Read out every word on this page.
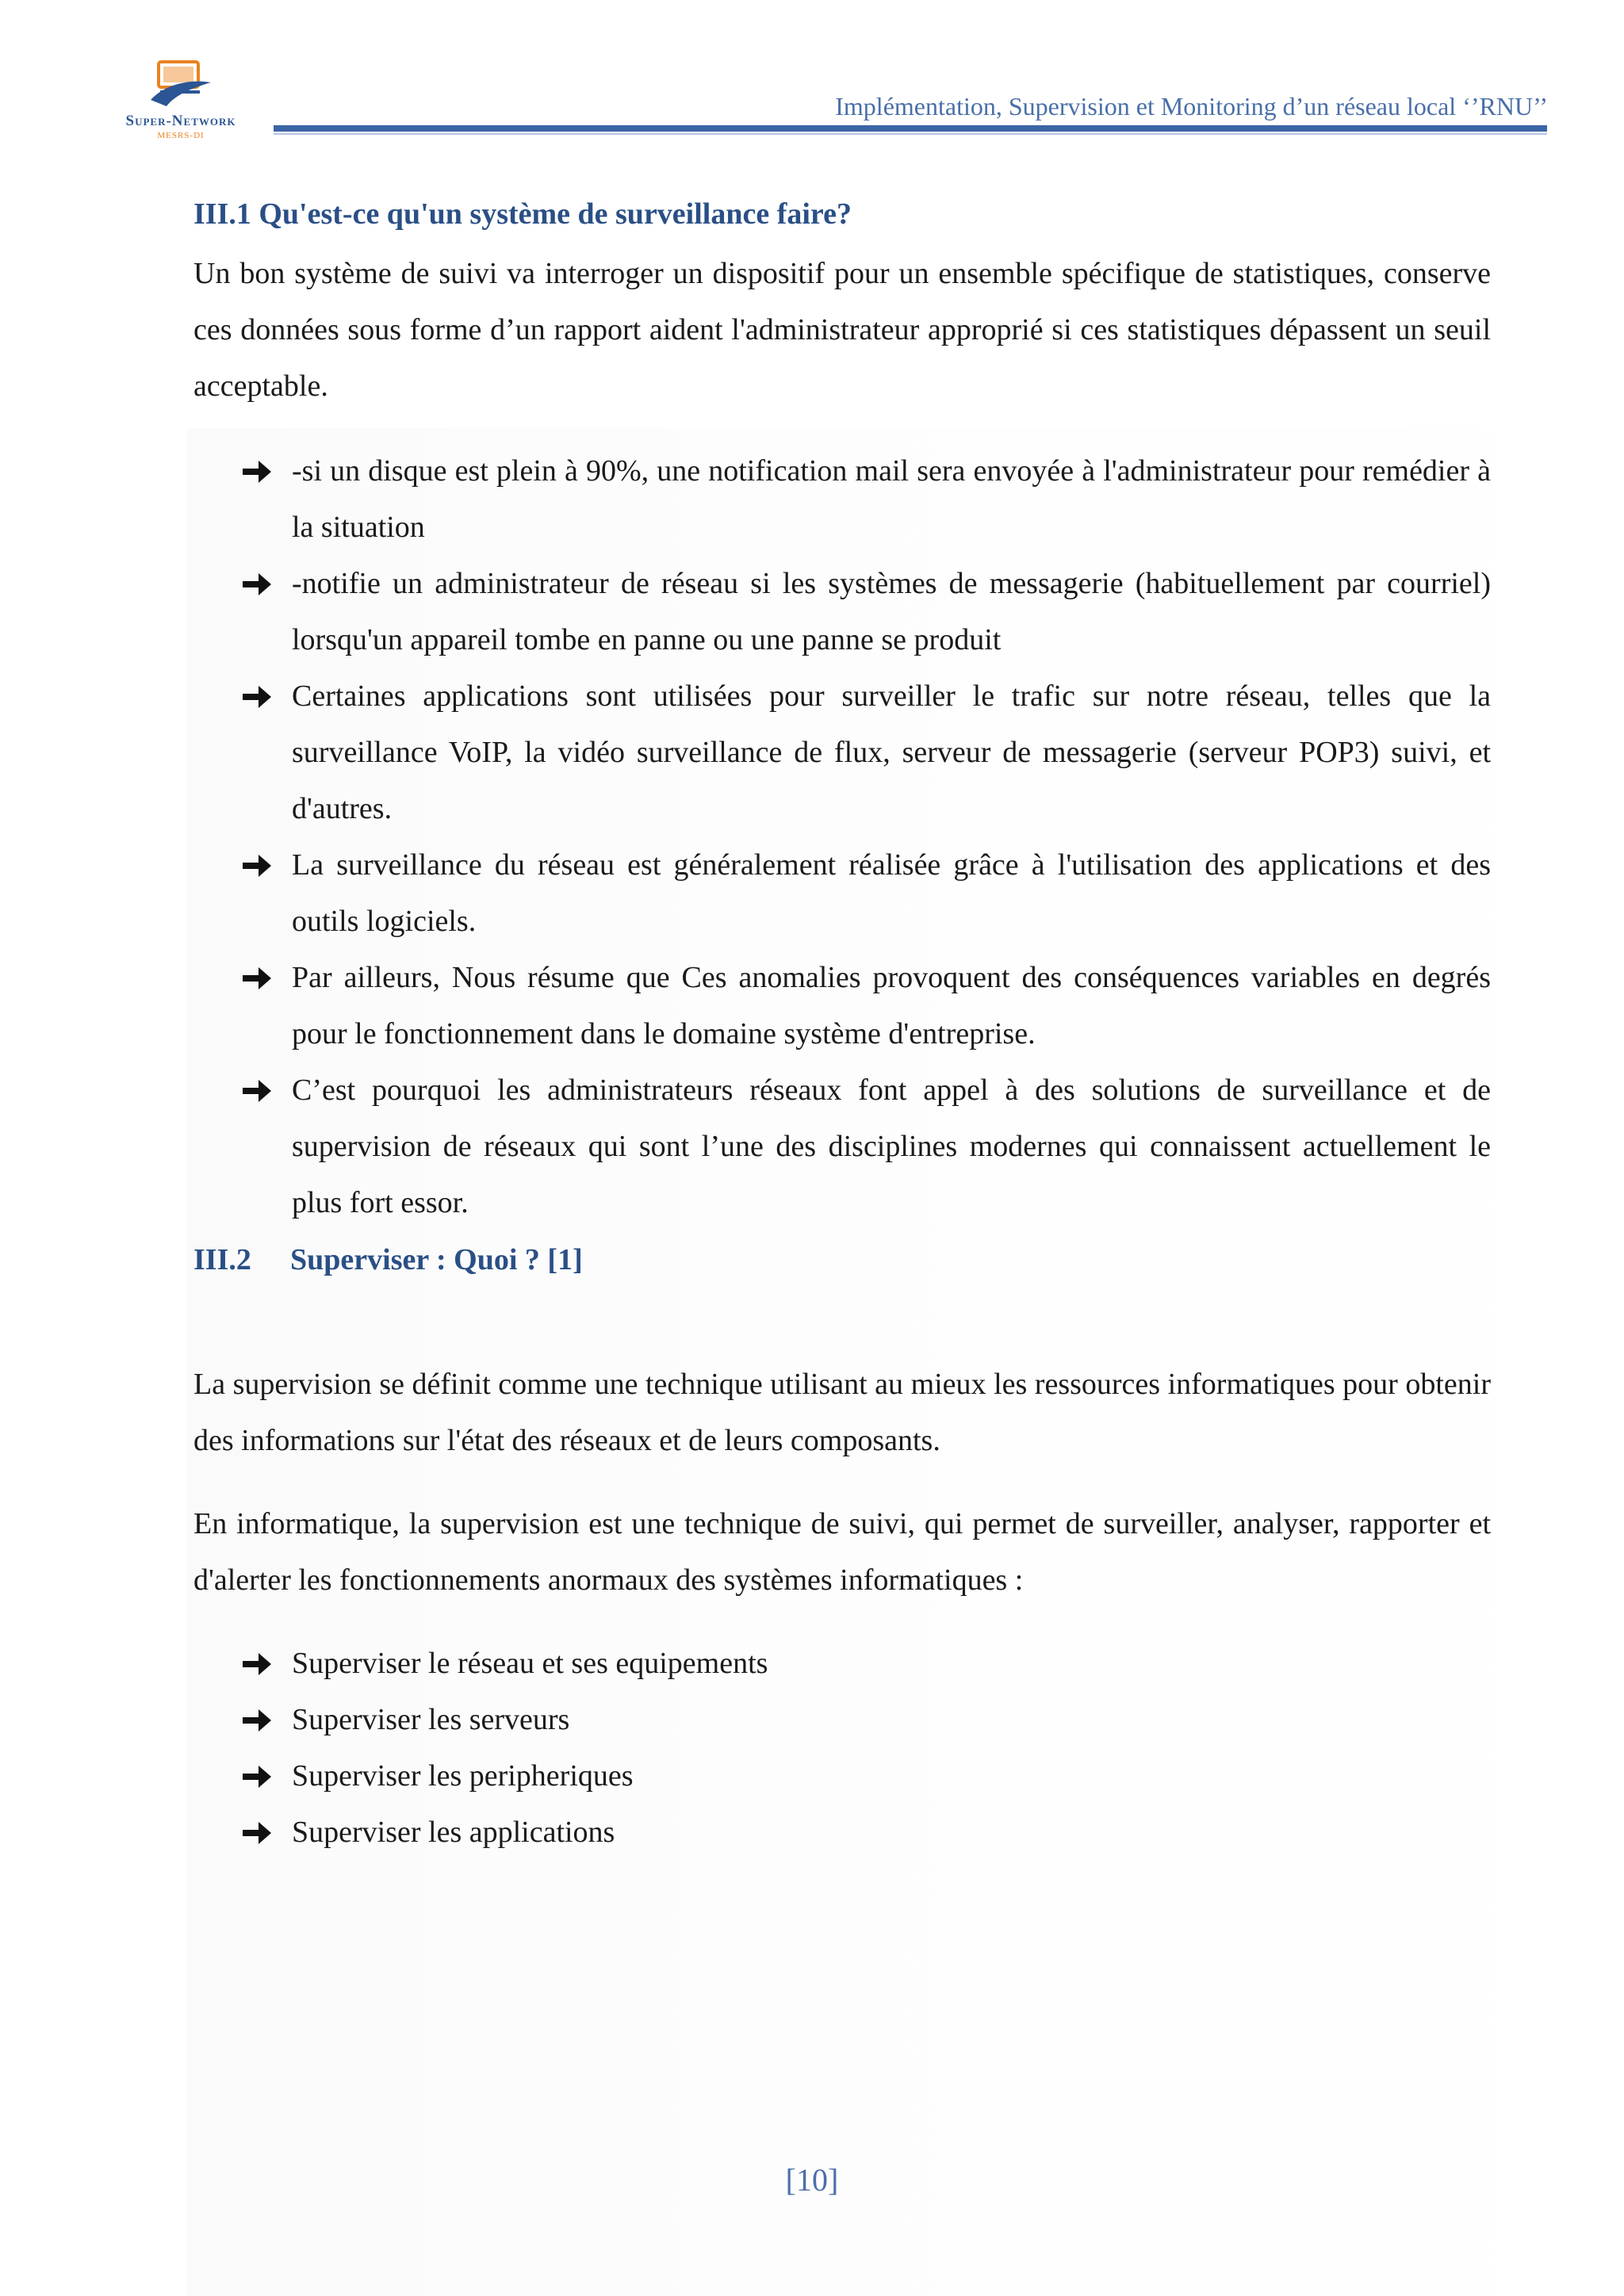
Super-Network
MESRS-DI
Implémentation, Supervision et Monitoring d’un réseau local ‘’RNU’’
III.1 Qu'est-ce qu'un système de surveillance faire?

Un bon système de suivi va interroger un dispositif pour un ensemble spécifique de statistiques, conserve ces données sous forme d’un rapport aident l'administrateur approprié si ces statistiques dépassent un seuil acceptable.

-si un disque est plein à 90%, une notification mail sera envoyée à l'administrateur pour remédier à la situation
-notifie un administrateur de réseau si les systèmes de messagerie (habituellement par courriel) lorsqu'un appareil tombe en panne ou une panne se produit
Certaines applications sont utilisées pour surveiller le trafic sur notre réseau, telles que la surveillance VoIP, la vidéo surveillance de flux, serveur de messagerie (serveur POP3) suivi, et d'autres.
La surveillance du réseau est généralement réalisée grâce à l'utilisation des applications et des outils logiciels.
Par ailleurs, Nous résume que Ces anomalies provoquent des conséquences variables en degrés pour le fonctionnement dans le domaine système d'entreprise.
C’est pourquoi les administrateurs réseaux font appel à des solutions de surveillance et de supervision de réseaux qui sont l’une des disciplines modernes qui connaissent actuellement le plus fort essor.
III.2 Superviser : Quoi ? [1]

La supervision se définit comme une technique utilisant au mieux les ressources informatiques pour obtenir des informations sur l'état des réseaux et de leurs composants.

En informatique, la supervision est une technique de suivi, qui permet de surveiller, analyser, rapporter et d'alerter les fonctionnements anormaux des systèmes informatiques :

Superviser le réseau et ses equipements
Superviser les serveurs
Superviser les peripheriques
Superviser les applications
[10]
